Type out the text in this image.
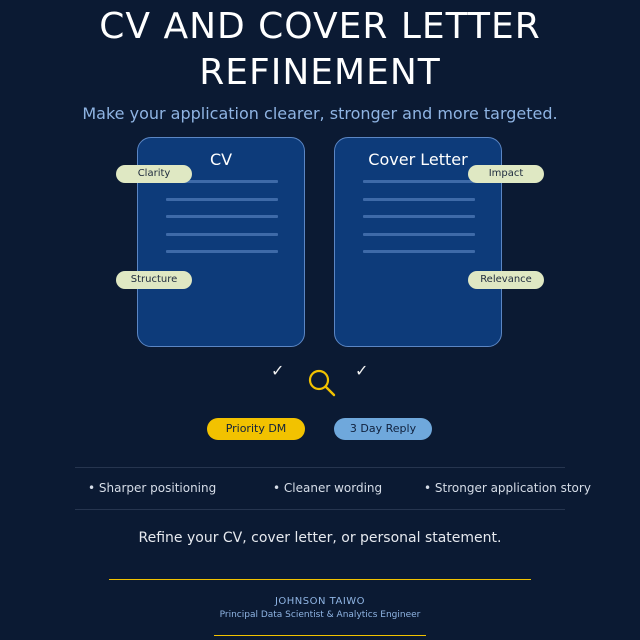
CV AND COVER LETTER
REFINEMENT
Make your application clearer, stronger and more targeted.
CV	Cover Letter
Clarity
Structure
Impact
Relevance
✓	✓
Priority DM	3 Day Reply
• Sharper positioning	• Cleaner wording	• Stronger application story
Refine your CV, cover letter, or personal statement.
JOHNSON TAIWO
Principal Data Scientist & Analytics Engineer
